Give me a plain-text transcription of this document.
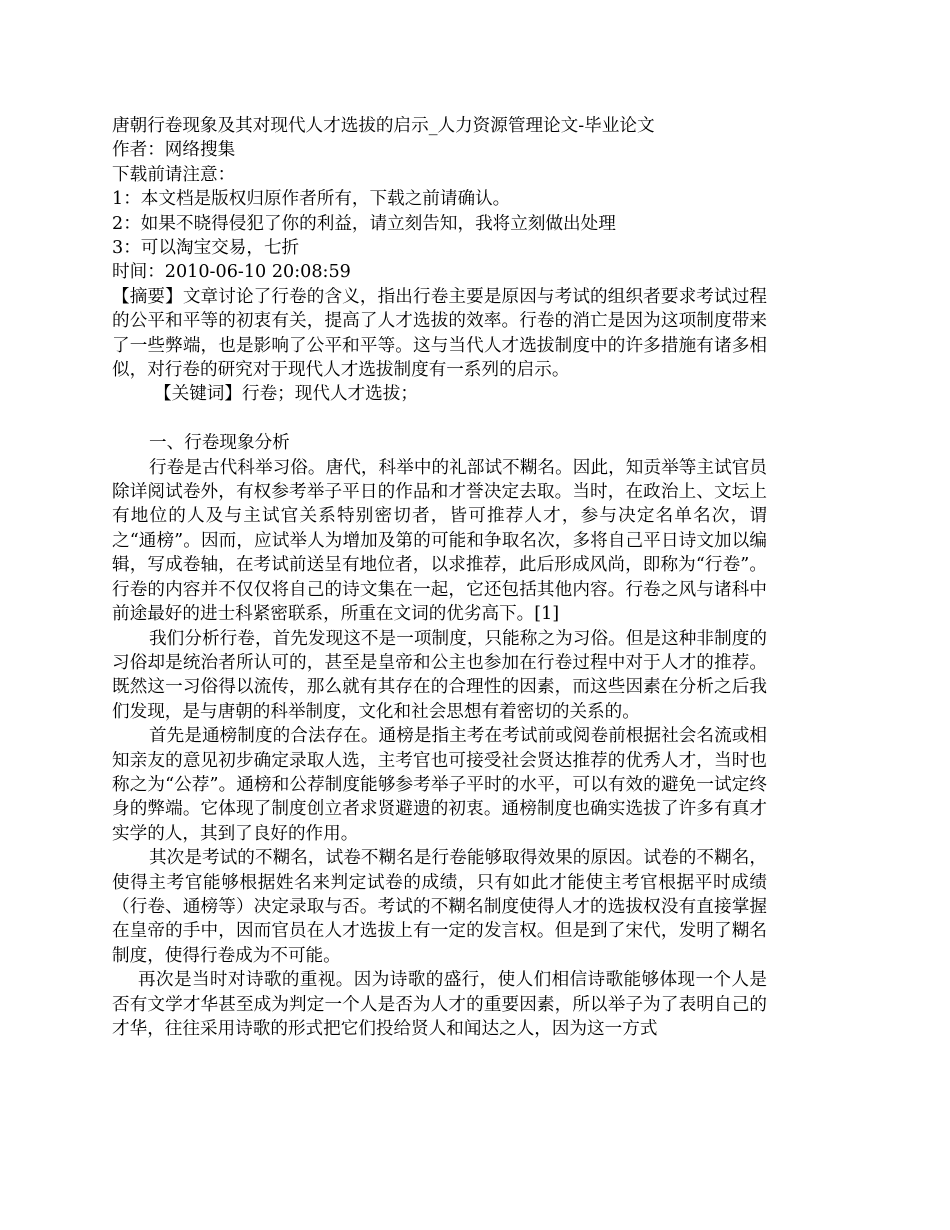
唐朝行卷现象及其对现代人才选拔的启示_人力资源管理论文-毕业论文
作者：网络搜集
下载前请注意：
1：本文档是版权归原作者所有，下载之前请确认。
2：如果不晓得侵犯了你的利益，请立刻告知，我将立刻做出处理
3：可以淘宝交易，七折
时间：2010-06-10 20:08:59
【摘要】文章讨论了行卷的含义，指出行卷主要是原因与考试的组织者要求考试过程的公平和平等的初衷有关，提高了人才选拔的效率。行卷的消亡是因为这项制度带来了一些弊端，也是影响了公平和平等。这与当代人才选拔制度中的许多措施有诸多相似，对行卷的研究对于现代人才选拔制度有一系列的启示。
【关键词】行卷；现代人才选拔；
一、行卷现象分析
行卷是古代科举习俗。唐代，科举中的礼部试不糊名。因此，知贡举等主试官员除详阅试卷外，有权参考举子平日的作品和才誉决定去取。当时，在政治上、文坛上有地位的人及与主试官关系特别密切者，皆可推荐人才，参与决定名单名次，谓之“通榜”。因而，应试举人为增加及第的可能和争取名次，多将自己平日诗文加以编辑，写成卷轴，在考试前送呈有地位者，以求推荐，此后形成风尚，即称为“行卷”。 行卷的内容并不仅仅将自己的诗文集在一起，它还包括其他内容。行卷之风与诸科中前途最好的进士科紧密联系，所重在文词的优劣高下。[1]
我们分析行卷，首先发现这不是一项制度，只能称之为习俗。但是这种非制度的习俗却是统治者所认可的，甚至是皇帝和公主也参加在行卷过程中对于人才的推荐。既然这一习俗得以流传，那么就有其存在的合理性的因素，而这些因素在分析之后我们发现，是与唐朝的科举制度，文化和社会思想有着密切的关系的。
首先是通榜制度的合法存在。通榜是指主考在考试前或阅卷前根据社会名流或相知亲友的意见初步确定录取人选，主考官也可接受社会贤达推荐的优秀人才，当时也称之为“公荐”。通榜和公荐制度能够参考举子平时的水平，可以有效的避免一试定终身的弊端。它体现了制度创立者求贤避遗的初衷。通榜制度也确实选拔了许多有真才实学的人，其到了良好的作用。
其次是考试的不糊名，试卷不糊名是行卷能够取得效果的原因。试卷的不糊名，使得主考官能够根据姓名来判定试卷的成绩，只有如此才能使主考官根据平时成绩（行卷、通榜等）决定录取与否。考试的不糊名制度使得人才的选拔权没有直接掌握在皇帝的手中，因而官员在人才选拔上有一定的发言权。但是到了宋代，发明了糊名制度，使得行卷成为不可能。
再次是当时对诗歌的重视。因为诗歌的盛行，使人们相信诗歌能够体现一个人是否有文学才华甚至成为判定一个人是否为人才的重要因素，所以举子为了表明自己的才华，往往采用诗歌的形式把它们投给贤人和闻达之人，因为这一方式
